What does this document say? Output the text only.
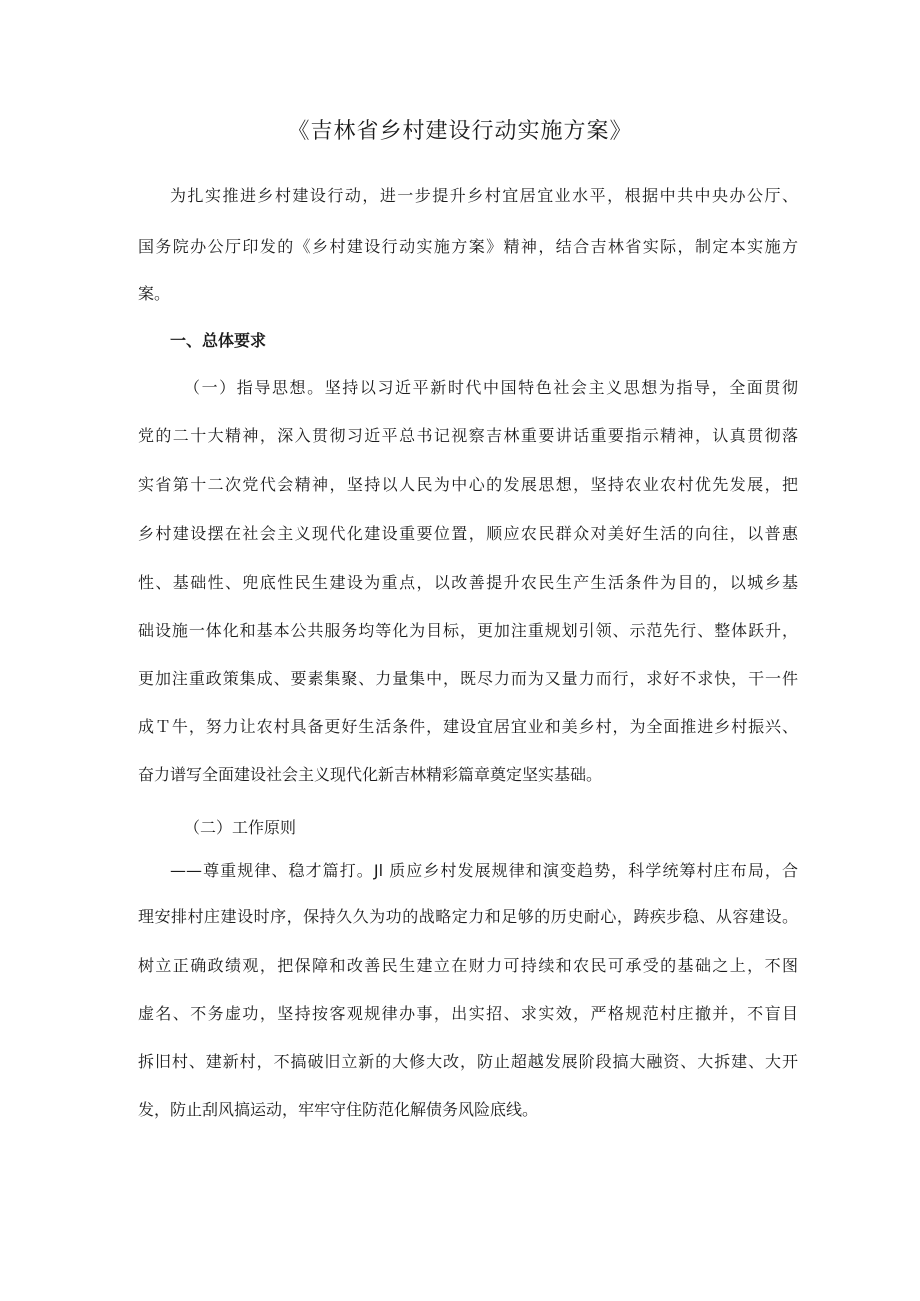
《吉林省乡村建设行动实施方案》

为扎实推进乡村建设行动，进一步提升乡村宜居宜业水平，根据中共中央办公厅、

国务院办公厅印发的《乡村建设行动实施方案》精神，结合吉林省实际，制定本实施方

案。

一、总体要求

（一）指导思想。坚持以习近平新时代中国特色社会主义思想为指导，全面贯彻

党的二十大精神，深入贯彻习近平总书记视察吉林重要讲话重要指示精神，认真贯彻落

实省第十二次党代会精神，坚持以人民为中心的发展思想，坚持农业农村优先发展，把

乡村建设摆在社会主义现代化建设重要位置，顺应农民群众对美好生活的向往，以普惠

性、基础性、兜底性民生建设为重点，以改善提升农民生产生活条件为目的，以城乡基

础设施一体化和基本公共服务均等化为目标，更加注重规划引领、示范先行、整体跃升，

更加注重政策集成、要素集聚、力量集中，既尽力而为又量力而行，求好不求快，干一件

成Ｔ牛，努力让农村具备更好生活条件，建设宜居宜业和美乡村，为全面推进乡村振兴、

奋力谱写全面建设社会主义现代化新吉林精彩篇章奠定坚实基础。

（二）工作原则

——尊重规律、稳才篇打。Jl 质应乡村发展规律和演变趋势，科学统筹村庄布局，合

理安排村庄建设时序，保持久久为功的战略定力和足够的历史耐心，踌疾步稳、从容建设。

树立正确政绩观，把保障和改善民生建立在财力可持续和农民可承受的基础之上，不图

虚名、不务虚功，坚持按客观规律办事，出实招、求实效，严格规范村庄撤并，不盲目

拆旧村、建新村，不搞破旧立新的大修大改，防止超越发展阶段搞大融资、大拆建、大开

发，防止刮风搞运动，牢牢守住防范化解债务风险底线。
